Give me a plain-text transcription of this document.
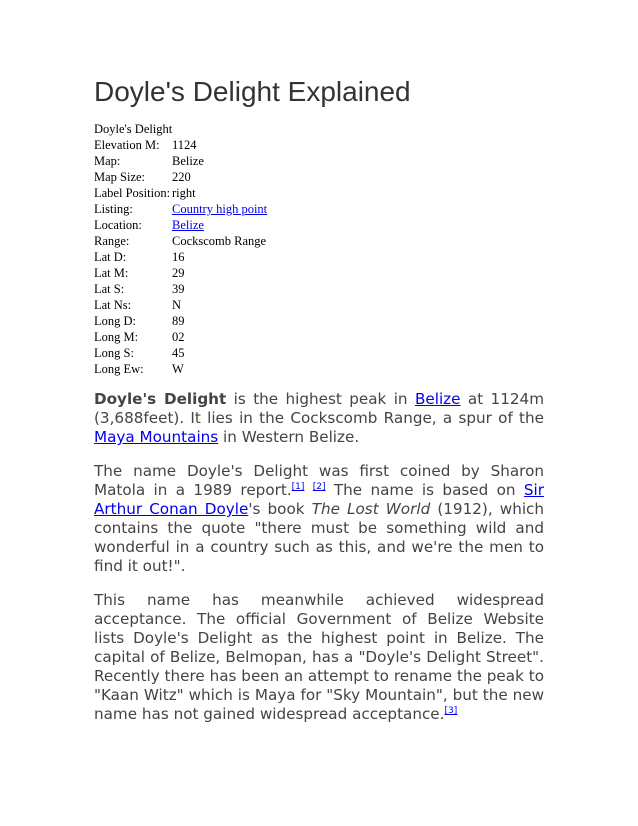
Doyle's Delight Explained
Doyle's Delight	
Elevation M:	1124
Map:	Belize
Map Size:	220
Label Position:	right
Listing:	Country high point
Location:	Belize
Range:	Cockscomb Range
Lat D:	16
Lat M:	29
Lat S:	39
Lat Ns:	N
Long D:	89
Long M:	02
Long S:	45
Long Ew:	W

Doyle's Delight is the highest peak in Belize at 1124m (3,688feet). It lies in the Cockscomb Range, a spur of the Maya Mountains in Western Belize.

The name Doyle's Delight was first coined by Sharon Matola in a 1989 report.[1] [2] The name is based on Sir Arthur Conan Doyle's book The Lost World (1912), which contains the quote "there must be something wild and wonderful in a country such as this, and we're the men to find it out!".

This name has meanwhile achieved widespread acceptance. The official Government of Belize Website lists Doyle's Delight as the highest point in Belize. The capital of Belize, Belmopan, has a "Doyle's Delight Street". Recently there has been an attempt to rename the peak to "Kaan Witz" which is Maya for "Sky Mountain", but the new name has not gained widespread acceptance.[3]
